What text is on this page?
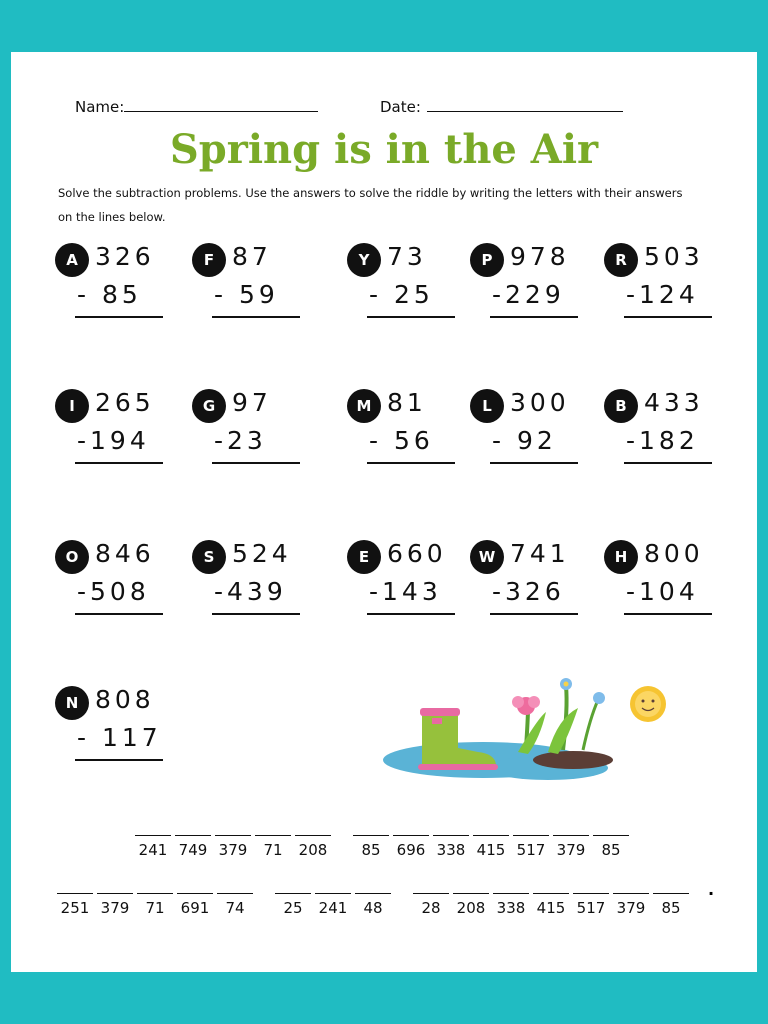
Name:	Date:
Spring is in the Air
Solve the subtraction problems. Use the answers to solve the riddle by writing the letters with their answers on the lines below.
A 326
- 85
F 87
- 59
Y 73
- 25
P 978
-229
R 503
-124
I 265
-194
G 97
-23
M 81
- 56
L 300
- 92
B 433
-182
O 846
-508
S 524
-439
E 660
-143
W 741
-326
H 800
-104
N 808
- 117
241 749 379	71	208	85	696 338 415 517 379	85
251 379	71	691	74	25	241	48	28	208 338 415 517 379	85
.
